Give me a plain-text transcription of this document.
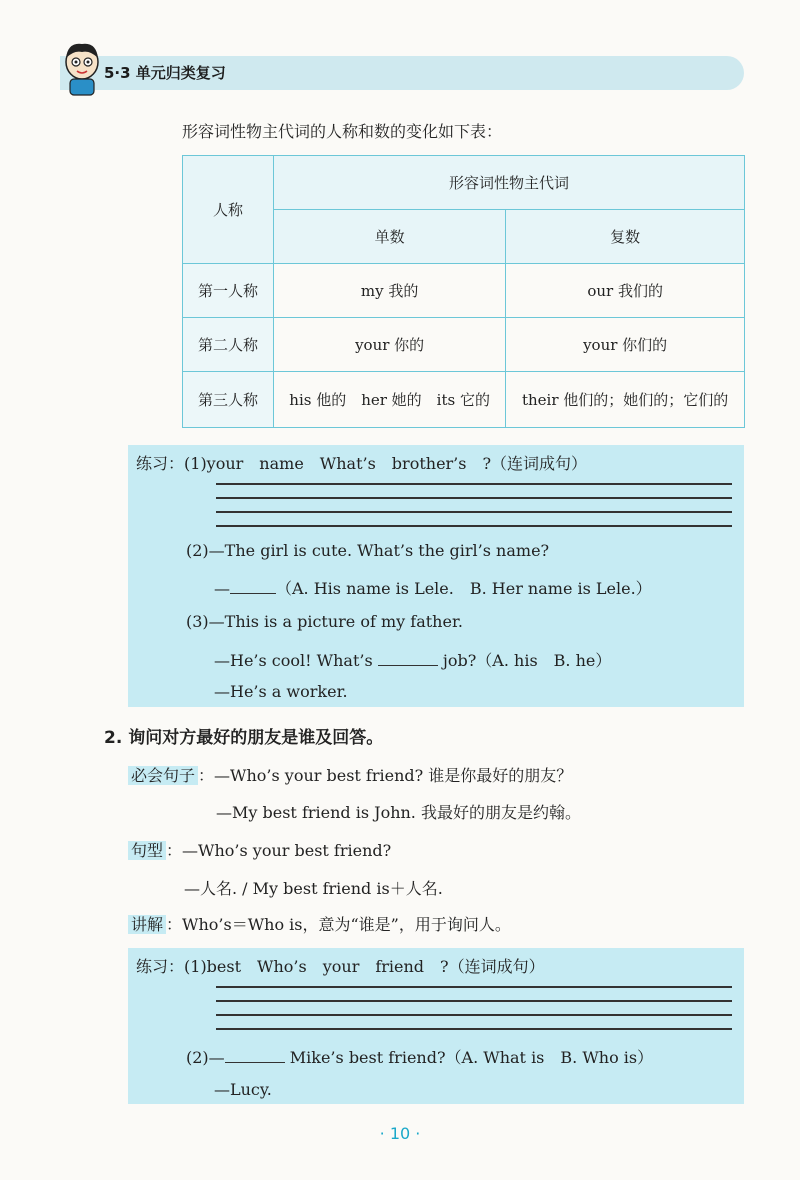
5·3 单元归类复习
形容词性物主代词的人称和数的变化如下表：
人称	形容词性物主代词	
	单数	复数
第一人称	my 我的	our 我们的
第二人称	your 你的	your 你们的
第三人称	his 他的　her 她的　its 它的	their 他们的；她们的；它们的
练习：(1)your　name　What’s　brother’s　?（连词成句）
(2)—The girl is cute. What’s the girl’s name?
—	（A. His name is Lele.　B. Her name is Lele.）
(3)—This is a picture of my father.
—He’s cool! What’s	job?（A. his　B. he）
—He’s a worker.
2. 询问对方最好的朋友是谁及回答。
必会句子 ：—Who’s your best friend? 谁是你最好的朋友？
—My best friend is John. 我最好的朋友是约翰。
句型 ：—Who’s your best friend?
—人名. / My best friend is＋人名.
讲解 ：Who’s＝Who is，意为“谁是”，用于询问人。
练习：(1)best　Who’s　your　friend　?（连词成句）
(2)—	Mike’s best friend?（A. What is　B. Who is）
—Lucy.
· 10 ·
